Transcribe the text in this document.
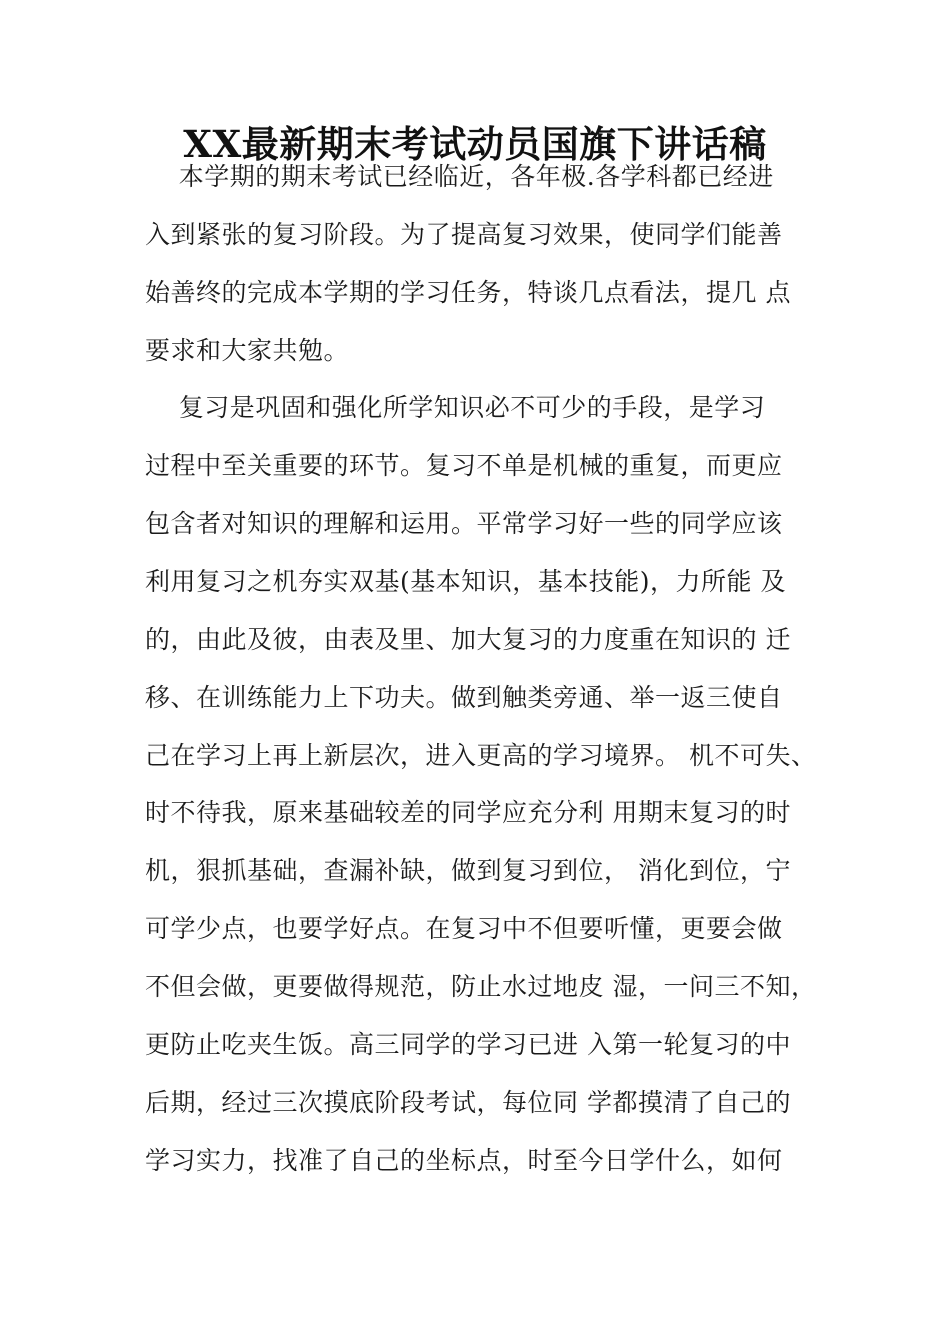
XX最新期末考试动员国旗下讲话稿
本学期的期末考试已经临近，各年极.各学科都已经进
入到紧张的复习阶段。为了提高复习效果，使同学们能善
始善终的完成本学期的学习任务，特谈几点看法，提几 点
要求和大家共勉。
复习是巩固和强化所学知识必不可少的手段，是学习
过程中至关重要的环节。复习不单是机械的重复，而更应
包含者对知识的理解和运用。平常学习好一些的同学应该
利用复习之机夯实双基(基本知识，基本技能)，力所能 及
的，由此及彼，由表及里、加大复习的力度重在知识的 迁
移、在训练能力上下功夫。做到触类旁通、举一返三使自
己在学习上再上新层次，进入更高的学习境界。 机不可失、
时不待我，原来基础较差的同学应充分利 用期末复习的时
机，狠抓基础，查漏补缺，做到复习到位， 消化到位，宁
可学少点，也要学好点。在复习中不但要听懂，更要会做
不但会做，更要做得规范，防止水过地皮 湿，一问三不知，
更防止吃夹生饭。高三同学的学习已进 入第一轮复习的中
后期，经过三次摸底阶段考试，每位同 学都摸清了自己的
学习实力，找准了自己的坐标点，时至今日学什么，如何
